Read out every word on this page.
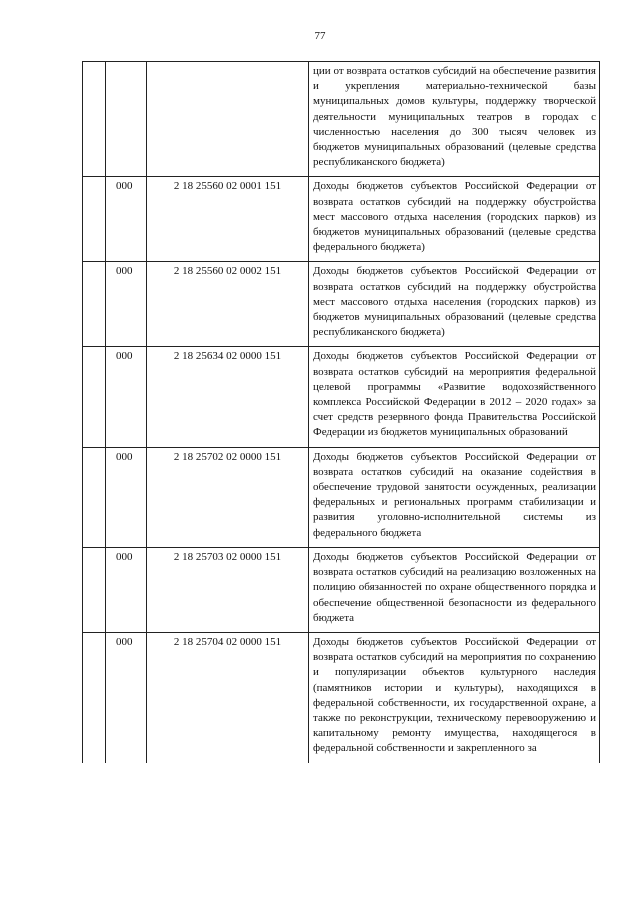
77
			ции от возврата остатков субсидий на обеспечение развития и укрепления материально-технической базы муниципальных домов культуры, поддержку творческой деятельности муниципальных театров в городах с численностью населения до 300 тысяч человек из бюджетов муниципальных образований (целевые средства республиканского бюджета)
	000	2 18 25560 02 0001 151	Доходы бюджетов субъектов Российской Федерации от возврата остатков субсидий на поддержку обустройства мест массового отдыха населения (городских парков) из бюджетов муниципальных образований (целевые средства федерального бюджета)
	000	2 18 25560 02 0002 151	Доходы бюджетов субъектов Российской Федерации от возврата остатков субсидий на поддержку обустройства мест массового отдыха населения (городских парков) из бюджетов муниципальных образований (целевые средства республиканского бюджета)
	000	2 18 25634 02 0000 151	Доходы бюджетов субъектов Российской Федерации от возврата остатков субсидий на мероприятия федеральной целевой программы «Развитие водохозяйственного комплекса Российской Федерации в 2012 – 2020 годах» за счет средств резервного фонда Правительства Российской Федерации из бюджетов муниципальных образований
	000	2 18 25702 02 0000 151	Доходы бюджетов субъектов Российской Федерации от возврата остатков субсидий на оказание содействия в обеспечение трудовой занятости осужденных, реализации федеральных и региональных программ стабилизации и развития уголовно-исполнительной системы из федерального бюджета
	000	2 18 25703 02 0000 151	Доходы бюджетов субъектов Российской Федерации от возврата остатков субсидий на реализацию возложенных на полицию обязанностей по охране общественного порядка и обеспечение общественной безопасности из федерального бюджета
	000	2 18 25704 02 0000 151	Доходы бюджетов субъектов Российской Федерации от возврата остатков субсидий на мероприятия по сохранению и популяризации объектов культурного наследия (памятников истории и культуры), находящихся в федеральной собственности, их государственной охране, а также по реконструкции, техническому перевооружению и капитальному ремонту имущества, находящегося в федеральной собственности и закрепленного за
